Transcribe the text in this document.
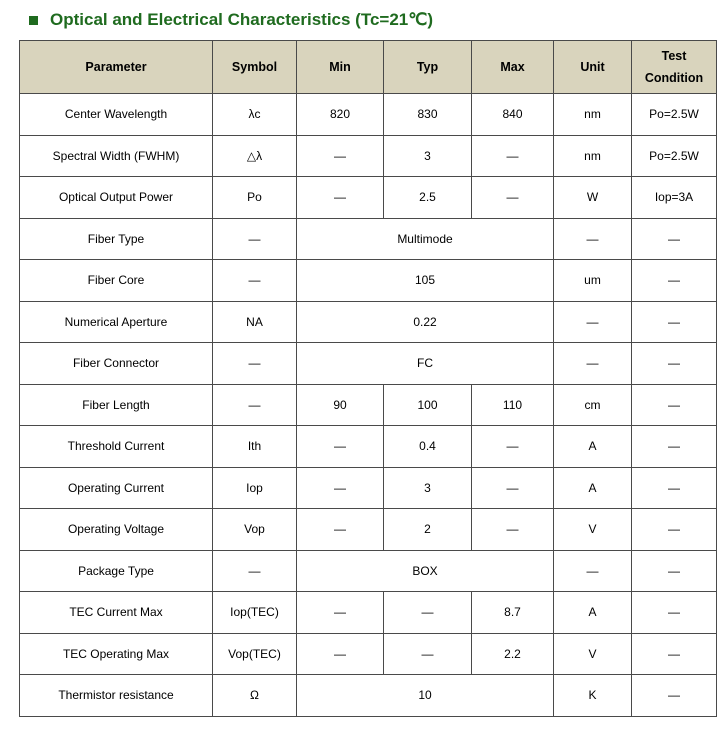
Optical and Electrical Characteristics (Tc=21℃)
Parameter	Symbol	Min	Typ	Max	Unit	Test
Condition

Center Wavelength	λc	820	830	840	nm	Po=2.5W
Spectral Width (FWHM)	△λ	—	3	—	nm	Po=2.5W
Optical Output Power	Po	—	2.5	—	W	Iop=3A
Fiber Type	—	Multimode			—	—
Fiber Core	—	105			um	—
Numerical Aperture	NA	0.22			—	—
Fiber Connector	—	FC			—	—
Fiber Length	—	90	100	110	cm	—
Threshold Current	Ith	—	0.4	—	A	—
Operating Current	Iop	—	3	—	A	—
Operating Voltage	Vop	—	2	—	V	—
Package Type	—	BOX			—	—
TEC Current Max	Iop(TEC)	—	—	8.7	A	—
TEC Operating Max	Vop(TEC)	—	—	2.2	V	—
Thermistor resistance	Ω	10			K	—
